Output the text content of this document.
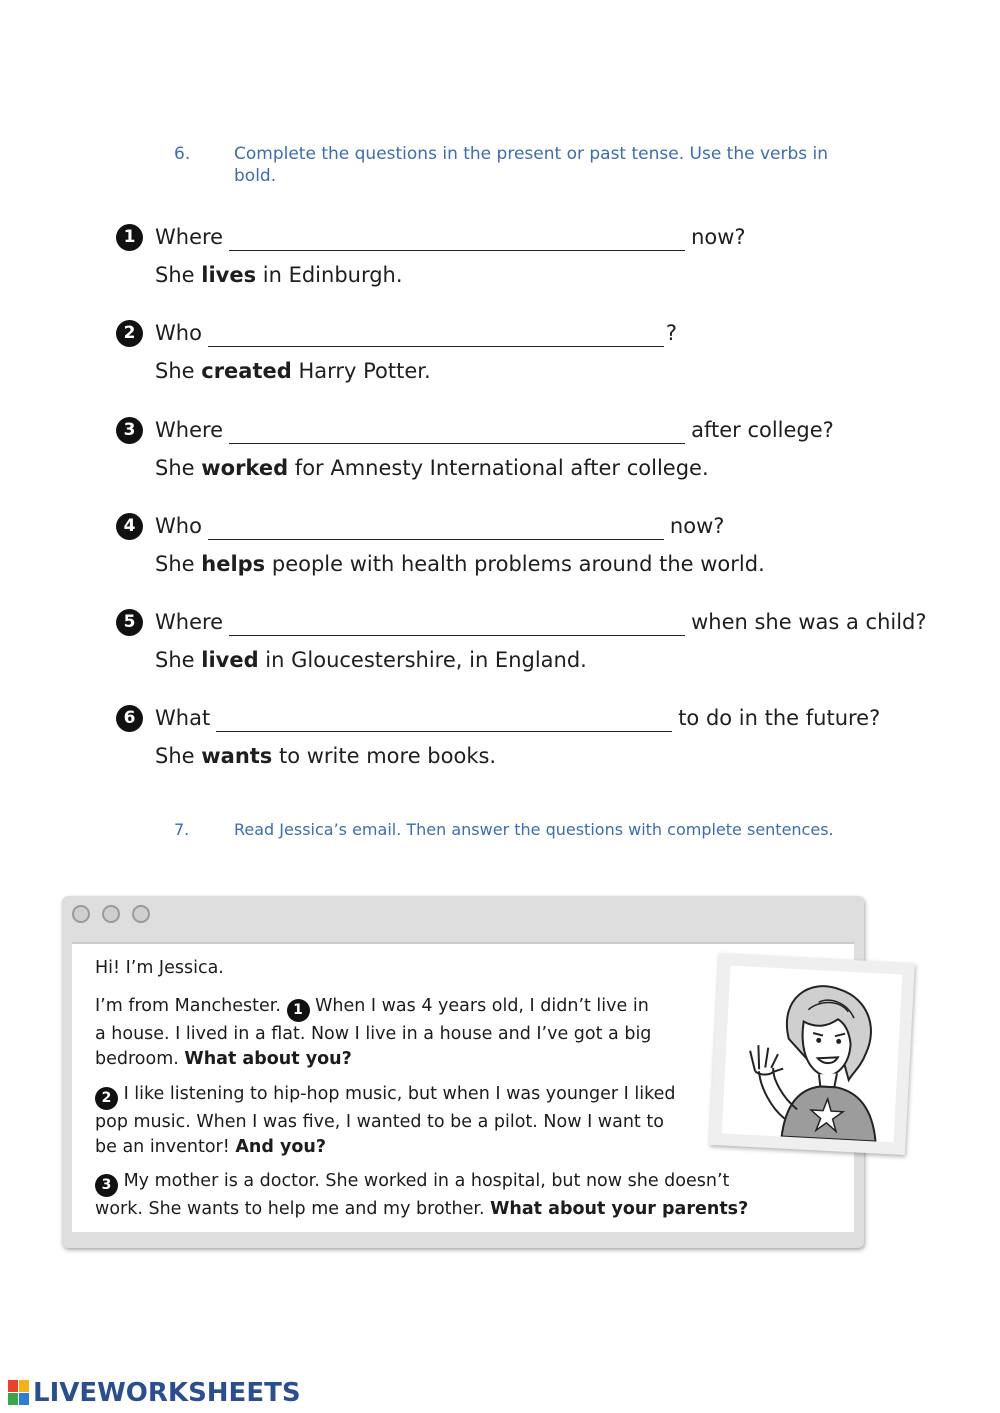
6.	Complete the questions in the present or past tense. Use the verbs in bold.
1 Where	now?
She lives in Edinburgh.
2 Who	?
She created Harry Potter.
3 Where	after college?
She worked for Amnesty International after college.
4 Who	now?
She helps people with health problems around the world.
5 Where	when she was a child?
She lived in Gloucestershire, in England.
6 What	to do in the future?
She wants to write more books.
7.	Read Jessica’s email. Then answer the questions with complete sentences.
Hi! I’m Jessica.
I’m from Manchester. 1 When I was 4 years old, I didn’t live in
a house. I lived in a flat. Now I live in a house and I’ve got a big
bedroom. What about you?
2 I like listening to hip-hop music, but when I was younger I liked
pop music. When I was five, I wanted to be a pilot. Now I want to
be an inventor! And you?
3 My mother is a doctor. She worked in a hospital, but now she doesn’t
work. She wants to help me and my brother. What about your parents?
LIVEWORKSHEETS
